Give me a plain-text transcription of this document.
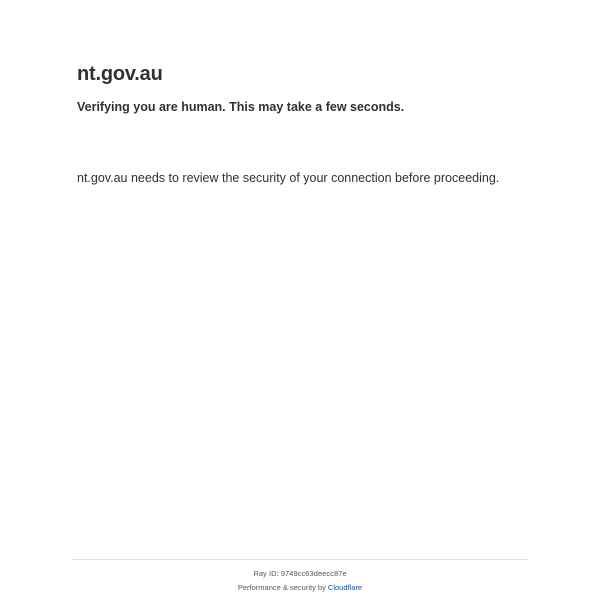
nt.gov.au

Verifying you are human. This may take a few seconds.

nt.gov.au needs to review the security of your connection before proceeding.

Ray ID: 9749cc63deecc87e
Performance & security by Cloudflare
